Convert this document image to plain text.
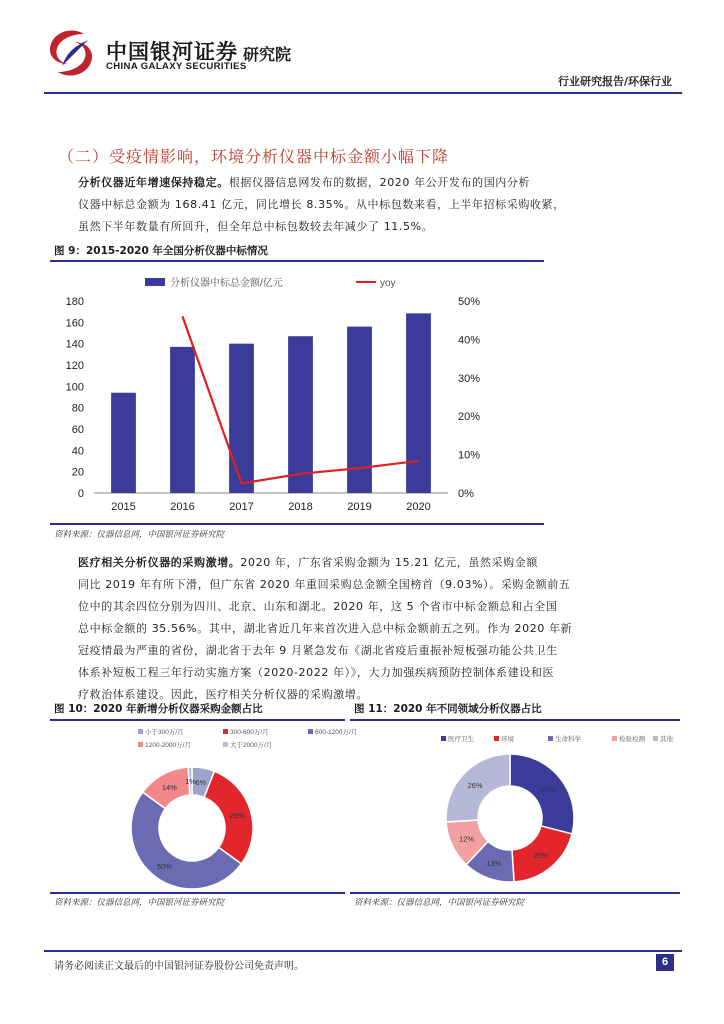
中国银河证券
CHINA GALAXY SECURITIES
研究院
行业研究报告/环保行业
（二）受疫情影响，环境分析仪器中标金额小幅下降
分析仪器近年增速保持稳定。根据仪器信息网发布的数据，2020 年公开发布的国内分析
仪器中标总金额为 168.41 亿元，同比增长 8.35%。从中标包数来看，上半年招标采购收紧，
虽然下半年数量有所回升，但全年总中标包数较去年减少了 11.5%。
图 9：2015-2020 年全国分析仪器中标情况
分析仪器中标总金额/亿元	yoy
0
20
40
60
80
100
120
140
160
180
0%
10%
20%
30%
40%
50%
2015	2016	2017	2018	2019	2020
资料来源：仪器信息网，中国银河证券研究院
医疗相关分析仪器的采购激增。2020 年，广东省采购金额为 15.21 亿元，虽然采购金额
同比 2019 年有所下滑，但广东省 2020 年重回采购总金额全国榜首（9.03%）。采购金额前五
位中的其余四位分别为四川、北京、山东和湖北。2020 年，这 5 个省市中标金额总和占全国
总中标金额的 35.56%。其中，湖北省近几年来首次进入总中标金额前五之列。作为 2020 年新
冠疫情最为严重的省份，湖北省于去年 9 月紧急发布《湖北省疫后重振补短板强功能公共卫生
体系补短板工程三年行动实施方案（2020-2022 年）》，大力加强疾病预防控制体系建设和医
疗救治体系建设。因此，医疗相关分析仪器的采购激增。
图 10：2020 年新增分析仪器采购金额占比
小于300万/月	300-600万/月	600-1200万/月
1200-2000万/月	大于2000万/月
6%
29%
50%
14%
1%
资料来源：仪器信息网，中国银河证券研究院
图 11：2020 年不同领域分析仪器占比
医疗卫生	环境	生命科学	检验检测 其他
29%
20%
13%
12%
26%
资料来源：仪器信息网，中国银河证券研究院
请务必阅读正文最后的中国银河证券股份公司免责声明。	6
